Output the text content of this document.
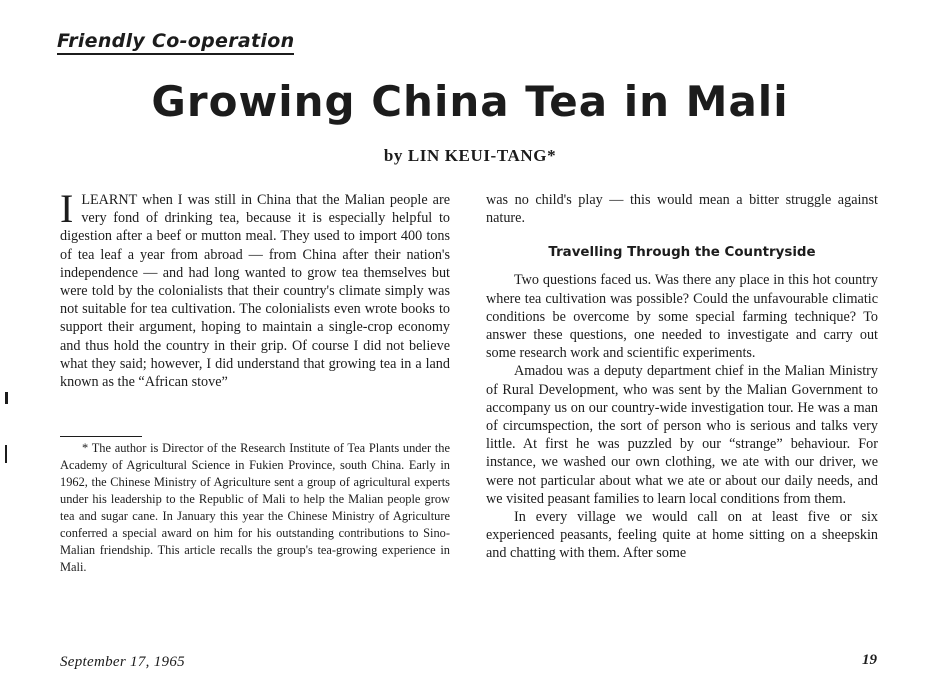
Friendly Co-operation
Growing China Tea in Mali
by LIN KEUI-TANG*

ILEARNT when I was still in China that the Malian people are very fond of drinking tea, because it is especially helpful to digestion after a beef or mutton meal. They used to import 400 tons of tea leaf a year from abroad — from China after their nation's independence — and had long wanted to grow tea themselves but were told by the colonialists that their country's climate simply was not suitable for tea cultivation. The colonialists even wrote books to support their argument, hoping to maintain a single-crop economy and thus hold the country in their grip. Of course I did not believe what they said; however, I did understand that growing tea in a land known as the “African stove”

* The author is Director of the Research Institute of Tea Plants under the Academy of Agricultural Science in Fukien Province, south China. Early in 1962, the Chinese Ministry of Agriculture sent a group of agricultural experts under his leadership to the Republic of Mali to help the Malian people grow tea and sugar cane. In January this year the Chinese Ministry of Agriculture conferred a special award on him for his outstanding contributions to Sino-Malian friendship. This article recalls the group's tea-growing experience in Mali.

was no child's play — this would mean a bitter struggle against nature.

Travelling Through the Countryside

Two questions faced us. Was there any place in this hot country where tea cultivation was possible? Could the unfavourable climatic conditions be overcome by some special farming technique? To answer these questions, one needed to investigate and carry out some research work and scientific experiments.

Amadou was a deputy department chief in the Malian Ministry of Rural Development, who was sent by the Malian Government to accompany us on our country-wide investigation tour. He was a man of circumspection, the sort of person who is serious and talks very little. At first he was puzzled by our “strange” behaviour. For instance, we washed our own clothing, we ate with our driver, we were not particular about what we ate or about our daily needs, and we visited peasant families to learn local conditions from them.

In every village we would call on at least five or six experienced peasants, feeling quite at home sitting on a sheepskin and chatting with them. After some

September 17, 1965	19
